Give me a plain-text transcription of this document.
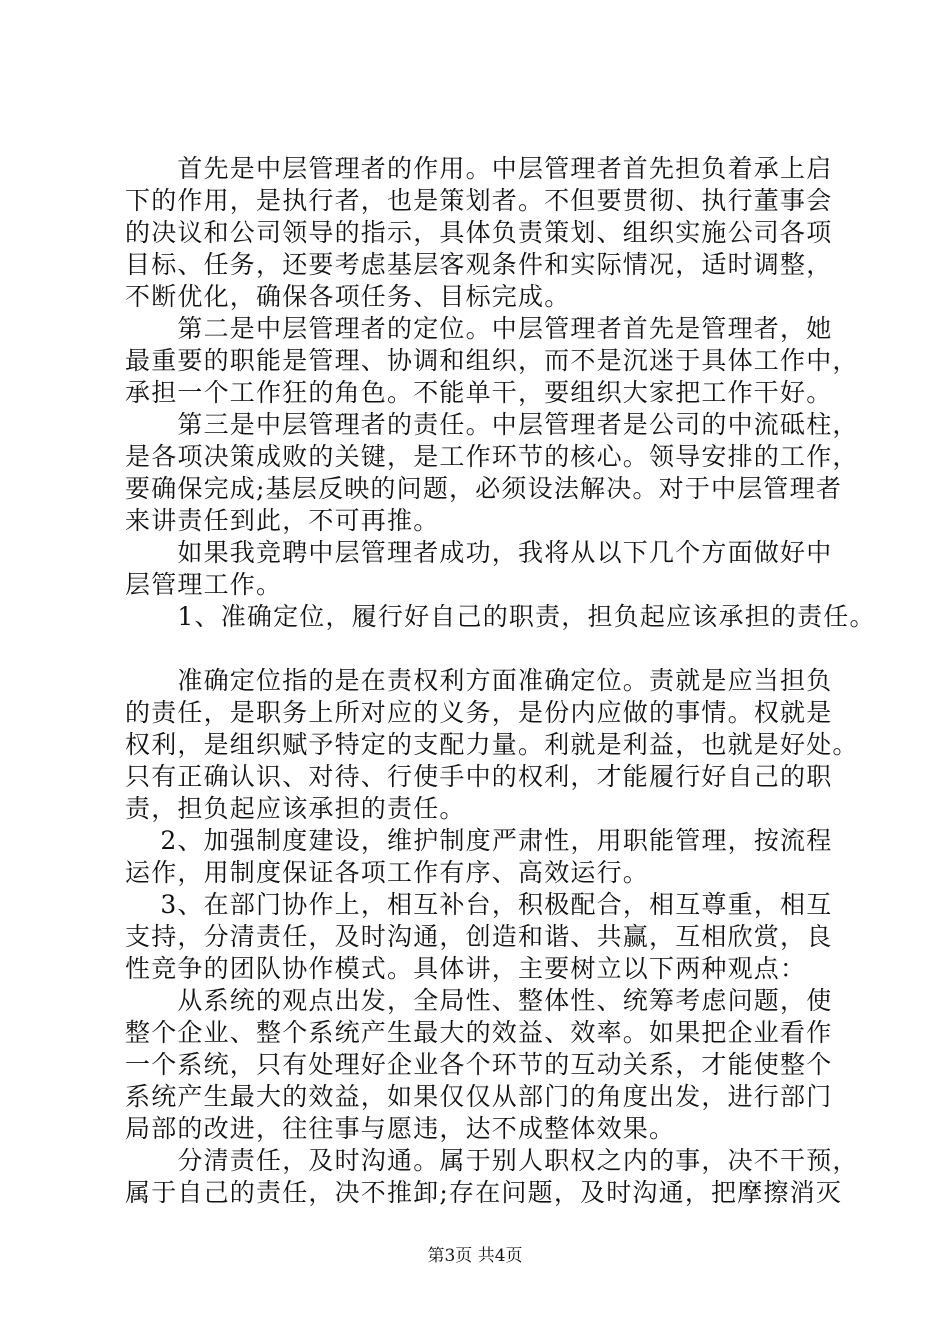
　　首先是中层管理者的作用。中层管理者首先担负着承上启
下的作用，是执行者，也是策划者。不但要贯彻、执行董事会
的决议和公司领导的指示，具体负责策划、组织实施公司各项
目标、任务，还要考虑基层客观条件和实际情况，适时调整，
不断优化，确保各项任务、目标完成。
　　第二是中层管理者的定位。中层管理者首先是管理者，她
最重要的职能是管理、协调和组织，而不是沉迷于具体工作中，
承担一个工作狂的角色。不能单干，要组织大家把工作干好。
　　第三是中层管理者的责任。中层管理者是公司的中流砥柱，
是各项决策成败的关键，是工作环节的核心。领导安排的工作，
要确保完成;基层反映的问题，必须设法解决。对于中层管理者
来讲责任到此，不可再推。
　　如果我竞聘中层管理者成功，我将从以下几个方面做好中
层管理工作。
　　1、准确定位，履行好自己的职责，担负起应该承担的责任。
　　准确定位指的是在责权利方面准确定位。责就是应当担负
的责任，是职务上所对应的义务，是份内应做的事情。权就是
权利，是组织赋予特定的支配力量。利就是利益，也就是好处。
只有正确认识、对待、行使手中的权利，才能履行好自己的职
责，担负起应该承担的责任。
　 2、加强制度建设，维护制度严肃性，用职能管理，按流程
运作，用制度保证各项工作有序、高效运行。
　 3、在部门协作上，相互补台，积极配合，相互尊重，相互
支持，分清责任，及时沟通，创造和谐、共赢，互相欣赏，良
性竞争的团队协作模式。具体讲，主要树立以下两种观点：
　　从系统的观点出发，全局性、整体性、统筹考虑问题，使
整个企业、整个系统产生最大的效益、效率。如果把企业看作
一个系统，只有处理好企业各个环节的互动关系，才能使整个
系统产生最大的效益，如果仅仅从部门的角度出发，进行部门
局部的改进，往往事与愿违，达不成整体效果。
　　分清责任，及时沟通。属于别人职权之内的事，决不干预，
属于自己的责任，决不推卸;存在问题，及时沟通，把摩擦消灭
第3页 共4页
